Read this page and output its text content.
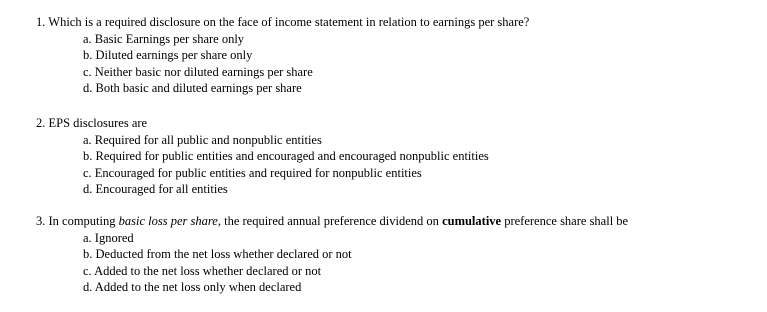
1. Which is a required disclosure on the face of income statement in relation to earnings per share?
a. Basic Earnings per share only
b. Diluted earnings per share only
c. Neither basic nor diluted earnings per share
d. Both basic and diluted earnings per share
2. EPS disclosures are
a. Required for all public and nonpublic entities
b. Required for public entities and encouraged and encouraged nonpublic entities
c. Encouraged for public entities and required for nonpublic entities
d. Encouraged for all entities
3. In computing basic loss per share, the required annual preference dividend on cumulative preference share shall be
a. Ignored
b. Deducted from the net loss whether declared or not
c. Added to the net loss whether declared or not
d. Added to the net loss only when declared
